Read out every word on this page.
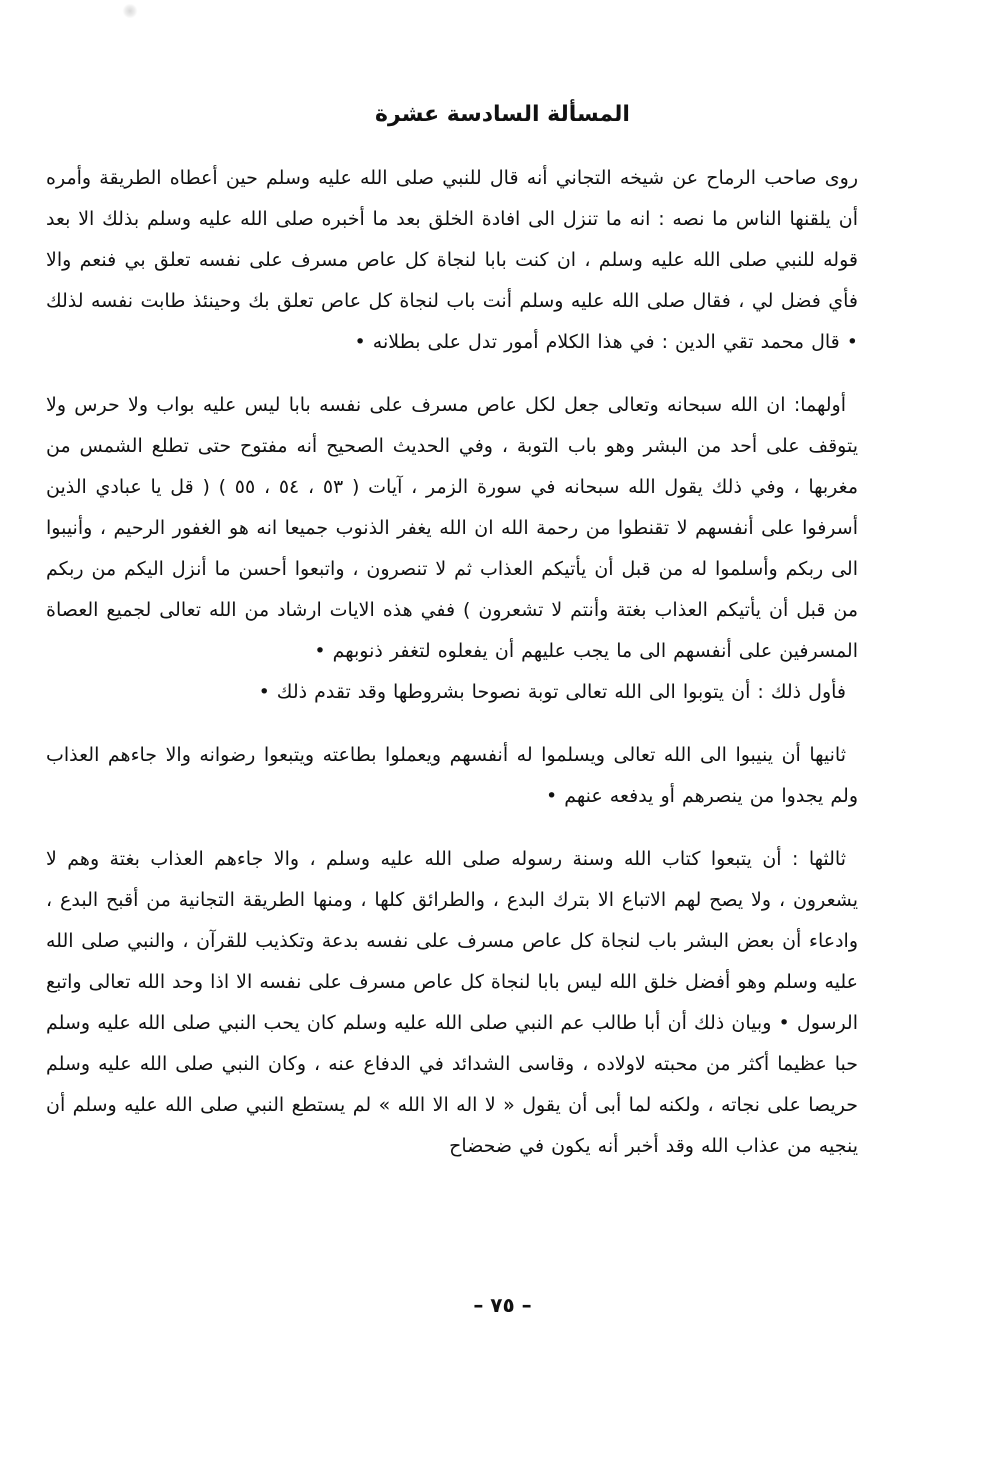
المسألة السادسة عشرة

روى صاحب الرماح عن شيخه التجاني أنه قال للنبي صلى الله عليه وسلم حين أعطاه الطريقة وأمره أن يلقنها الناس ما نصه : انه ما تنزل الى افادة الخلق بعد ما أخبره صلى الله عليه وسلم بذلك الا بعد قوله للنبي صلى الله عليه وسلم ، ان كنت بابا لنجاة كل عاص مسرف على نفسه تعلق بي فنعم والا فأي فضل لي ، فقال صلى الله عليه وسلم أنت باب لنجاة كل عاص تعلق بك وحينئذ طابت نفسه لذلك • قال محمد تقي الدين : في هذا الكلام أمور تدل على بطلانه •

أولهما: ان الله سبحانه وتعالى جعل لكل عاص مسرف على نفسه بابا ليس عليه بواب ولا حرس ولا يتوقف على أحد من البشر وهو باب التوبة ، وفي الحديث الصحيح أنه مفتوح حتى تطلع الشمس من مغربها ، وفي ذلك يقول الله سبحانه في سورة الزمر ، آيات ( ٥٣ ، ٥٤ ، ٥٥ ) ( قل يا عبادي الذين أسرفوا على أنفسهم لا تقنطوا من رحمة الله ان الله يغفر الذنوب جميعا انه هو الغفور الرحيم ، وأنيبوا الى ربكم وأسلموا له من قبل أن يأتيكم العذاب ثم لا تنصرون ، واتبعوا أحسن ما أنزل اليكم من ربكم من قبل أن يأتيكم العذاب بغتة وأنتم لا تشعرون ) ففي هذه الايات ارشاد من الله تعالى لجميع العصاة المسرفين على أنفسهم الى ما يجب عليهم أن يفعلوه لتغفر ذنوبهم •

فأول ذلك : أن يتوبوا الى الله تعالى توبة نصوحا بشروطها وقد تقدم ذلك •

ثانيها أن ينيبوا الى الله تعالى ويسلموا له أنفسهم ويعملوا بطاعته ويتبعوا رضوانه والا جاءهم العذاب ولم يجدوا من ينصرهم أو يدفعه عنهم •

ثالثها : أن يتبعوا كتاب الله وسنة رسوله صلى الله عليه وسلم ، والا جاءهم العذاب بغتة وهم لا يشعرون ، ولا يصح لهم الاتباع الا بترك البدع ، والطرائق كلها ، ومنها الطريقة التجانية من أقبح البدع ، وادعاء أن بعض البشر باب لنجاة كل عاص مسرف على نفسه بدعة وتكذيب للقرآن ، والنبي صلى الله عليه وسلم وهو أفضل خلق الله ليس بابا لنجاة كل عاص مسرف على نفسه الا اذا وحد الله تعالى واتبع الرسول • وبيان ذلك أن أبا طالب عم النبي صلى الله عليه وسلم كان يحب النبي صلى الله عليه وسلم حبا عظيما أكثر من محبته لاولاده ، وقاسى الشدائد في الدفاع عنه ، وكان النبي صلى الله عليه وسلم حريصا على نجاته ، ولكنه لما أبى أن يقول « لا اله الا الله » لم يستطع النبي صلى الله عليه وسلم أن ينجيه من عذاب الله وقد أخبر أنه يكون في ضحضاح

– ٧٥ –
